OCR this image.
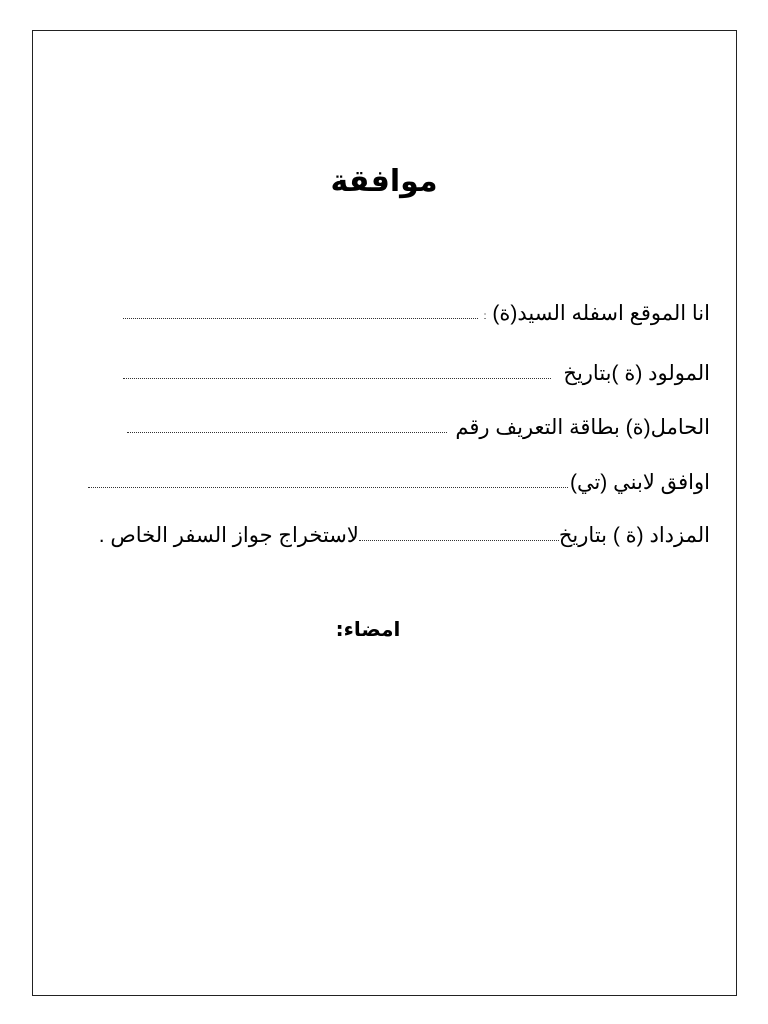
موافقة
انا الموقع اسفله السيد(ة)
:
المولود (ة )بتاريخ
الحامل(ة) بطاقة التعريف رقم
اوافق لابني (تي)
المزداد (ة ) بتاريخ
لاستخراج جواز السفر الخاص .
امضاء:
